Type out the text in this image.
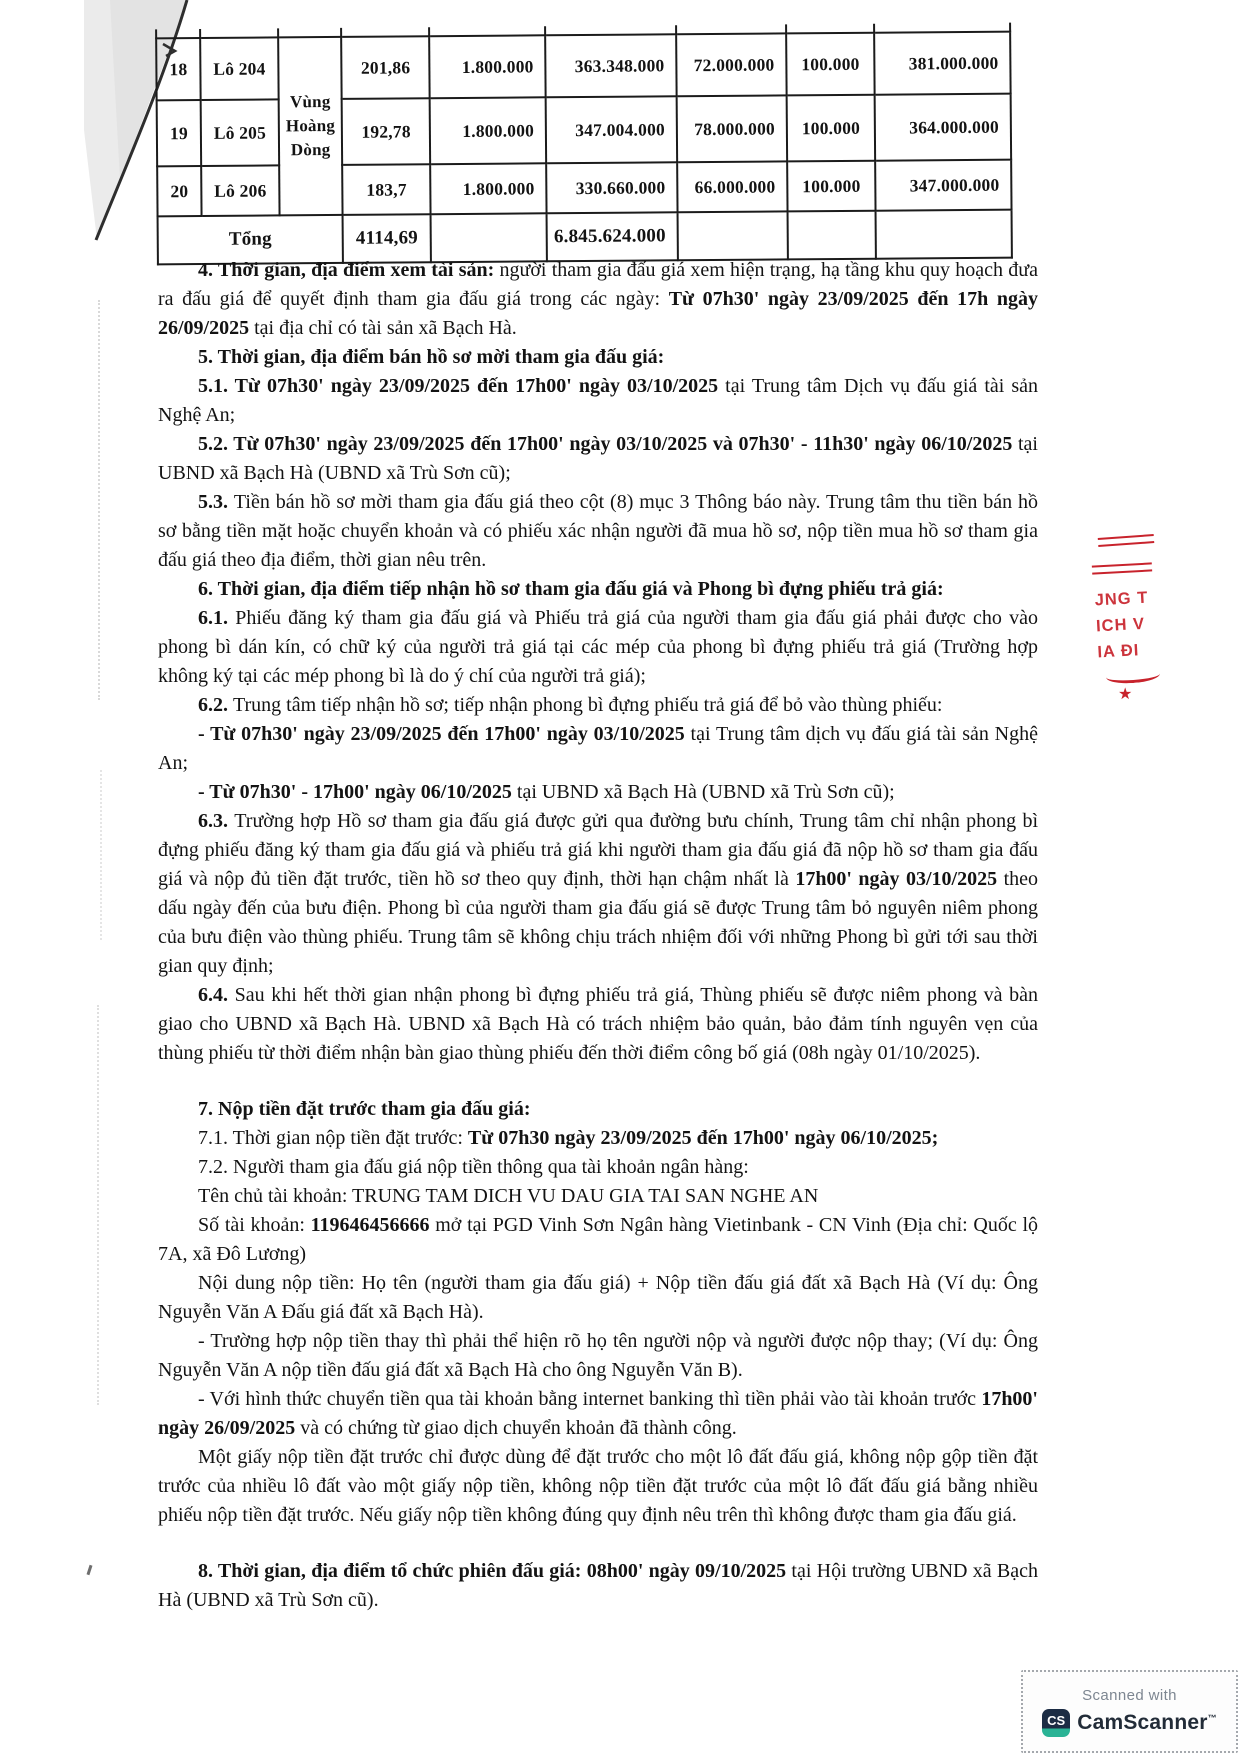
18	Lô 204	Vùng Hoàng Dòng	201,86	1.800.000	363.348.000	72.000.000	100.000	381.000.000
19	Lô 205		192,78	1.800.000	347.004.000	78.000.000	100.000	364.000.000
20	Lô 206		183,7	1.800.000	330.660.000	66.000.000	100.000	347.000.000
Tổng			4114,69		6.845.624.000			

4. Thời gian, địa điểm xem tài sản: người tham gia đấu giá xem hiện trạng, hạ tầng khu quy hoạch đưa ra đấu giá để quyết định tham gia đấu giá trong các ngày: Từ 07h30' ngày 23/09/2025 đến 17h ngày 26/09/2025 tại địa chỉ có tài sản xã Bạch Hà.

5. Thời gian, địa điểm bán hồ sơ mời tham gia đấu giá:

5.1. Từ 07h30' ngày 23/09/2025 đến 17h00' ngày 03/10/2025 tại Trung tâm Dịch vụ đấu giá tài sản Nghệ An;

5.2. Từ 07h30' ngày 23/09/2025 đến 17h00' ngày 03/10/2025 và 07h30' - 11h30' ngày 06/10/2025 tại UBND xã Bạch Hà (UBND xã Trù Sơn cũ);

5.3. Tiền bán hồ sơ mời tham gia đấu giá theo cột (8) mục 3 Thông báo này. Trung tâm thu tiền bán hồ sơ bằng tiền mặt hoặc chuyển khoản và có phiếu xác nhận người đã mua hồ sơ, nộp tiền mua hồ sơ tham gia đấu giá theo địa điểm, thời gian nêu trên.

6. Thời gian, địa điểm tiếp nhận hồ sơ tham gia đấu giá và Phong bì đựng phiếu trả giá:

6.1. Phiếu đăng ký tham gia đấu giá và Phiếu trả giá của người tham gia đấu giá phải được cho vào phong bì dán kín, có chữ ký của người trả giá tại các mép của phong bì đựng phiếu trả giá (Trường hợp không ký tại các mép phong bì là do ý chí của người trả giá);

6.2. Trung tâm tiếp nhận hồ sơ; tiếp nhận phong bì đựng phiếu trả giá để bỏ vào thùng phiếu:

- Từ 07h30' ngày 23/09/2025 đến 17h00' ngày 03/10/2025 tại Trung tâm dịch vụ đấu giá tài sản Nghệ An;

- Từ 07h30' - 17h00' ngày 06/10/2025 tại UBND xã Bạch Hà (UBND xã Trù Sơn cũ);

6.3. Trường hợp Hồ sơ tham gia đấu giá được gửi qua đường bưu chính, Trung tâm chỉ nhận phong bì đựng phiếu đăng ký tham gia đấu giá và phiếu trả giá khi người tham gia đấu giá đã nộp hồ sơ tham gia đấu giá và nộp đủ tiền đặt trước, tiền hồ sơ theo quy định, thời hạn chậm nhất là 17h00' ngày 03/10/2025 theo dấu ngày đến của bưu điện. Phong bì của người tham gia đấu giá sẽ được Trung tâm bỏ nguyên niêm phong của bưu điện vào thùng phiếu. Trung tâm sẽ không chịu trách nhiệm đối với những Phong bì gửi tới sau thời gian quy định;

6.4. Sau khi hết thời gian nhận phong bì đựng phiếu trả giá, Thùng phiếu sẽ được niêm phong và bàn giao cho UBND xã Bạch Hà. UBND xã Bạch Hà có trách nhiệm bảo quản, bảo đảm tính nguyên vẹn của thùng phiếu từ thời điểm nhận bàn giao thùng phiếu đến thời điểm công bố giá (08h ngày 01/10/2025).

7. Nộp tiền đặt trước tham gia đấu giá:

7.1. Thời gian nộp tiền đặt trước: Từ 07h30 ngày 23/09/2025 đến 17h00' ngày 06/10/2025;

7.2. Người tham gia đấu giá nộp tiền thông qua tài khoản ngân hàng:

Tên chủ tài khoản: TRUNG TAM DICH VU DAU GIA TAI SAN NGHE AN

Số tài khoản: 119646456666 mở tại PGD Vinh Sơn Ngân hàng Vietinbank - CN Vinh (Địa chỉ: Quốc lộ 7A, xã Đô Lương)

Nội dung nộp tiền: Họ tên (người tham gia đấu giá) + Nộp tiền đấu giá đất xã Bạch Hà (Ví dụ: Ông Nguyễn Văn A Đấu giá đất xã Bạch Hà).

- Trường hợp nộp tiền thay thì phải thể hiện rõ họ tên người nộp và người được nộp thay; (Ví dụ: Ông Nguyễn Văn A nộp tiền đấu giá đất xã Bạch Hà cho ông Nguyễn Văn B).

- Với hình thức chuyển tiền qua tài khoản bằng internet banking thì tiền phải vào tài khoản trước 17h00' ngày 26/09/2025 và có chứng từ giao dịch chuyển khoản đã thành công.

Một giấy nộp tiền đặt trước chỉ được dùng để đặt trước cho một lô đất đấu giá, không nộp gộp tiền đặt trước của nhiều lô đất vào một giấy nộp tiền, không nộp tiền đặt trước của một lô đất đấu giá bằng nhiều phiếu nộp tiền đặt trước. Nếu giấy nộp tiền không đúng quy định nêu trên thì không được tham gia đấu giá.

8. Thời gian, địa điểm tổ chức phiên đấu giá: 08h00' ngày 09/10/2025 tại Hội trường UBND xã Bạch Hà (UBND xã Trù Sơn cũ).

JNG T
ICH V
IA ĐI
★
Scanned with
CS CamScanner™
